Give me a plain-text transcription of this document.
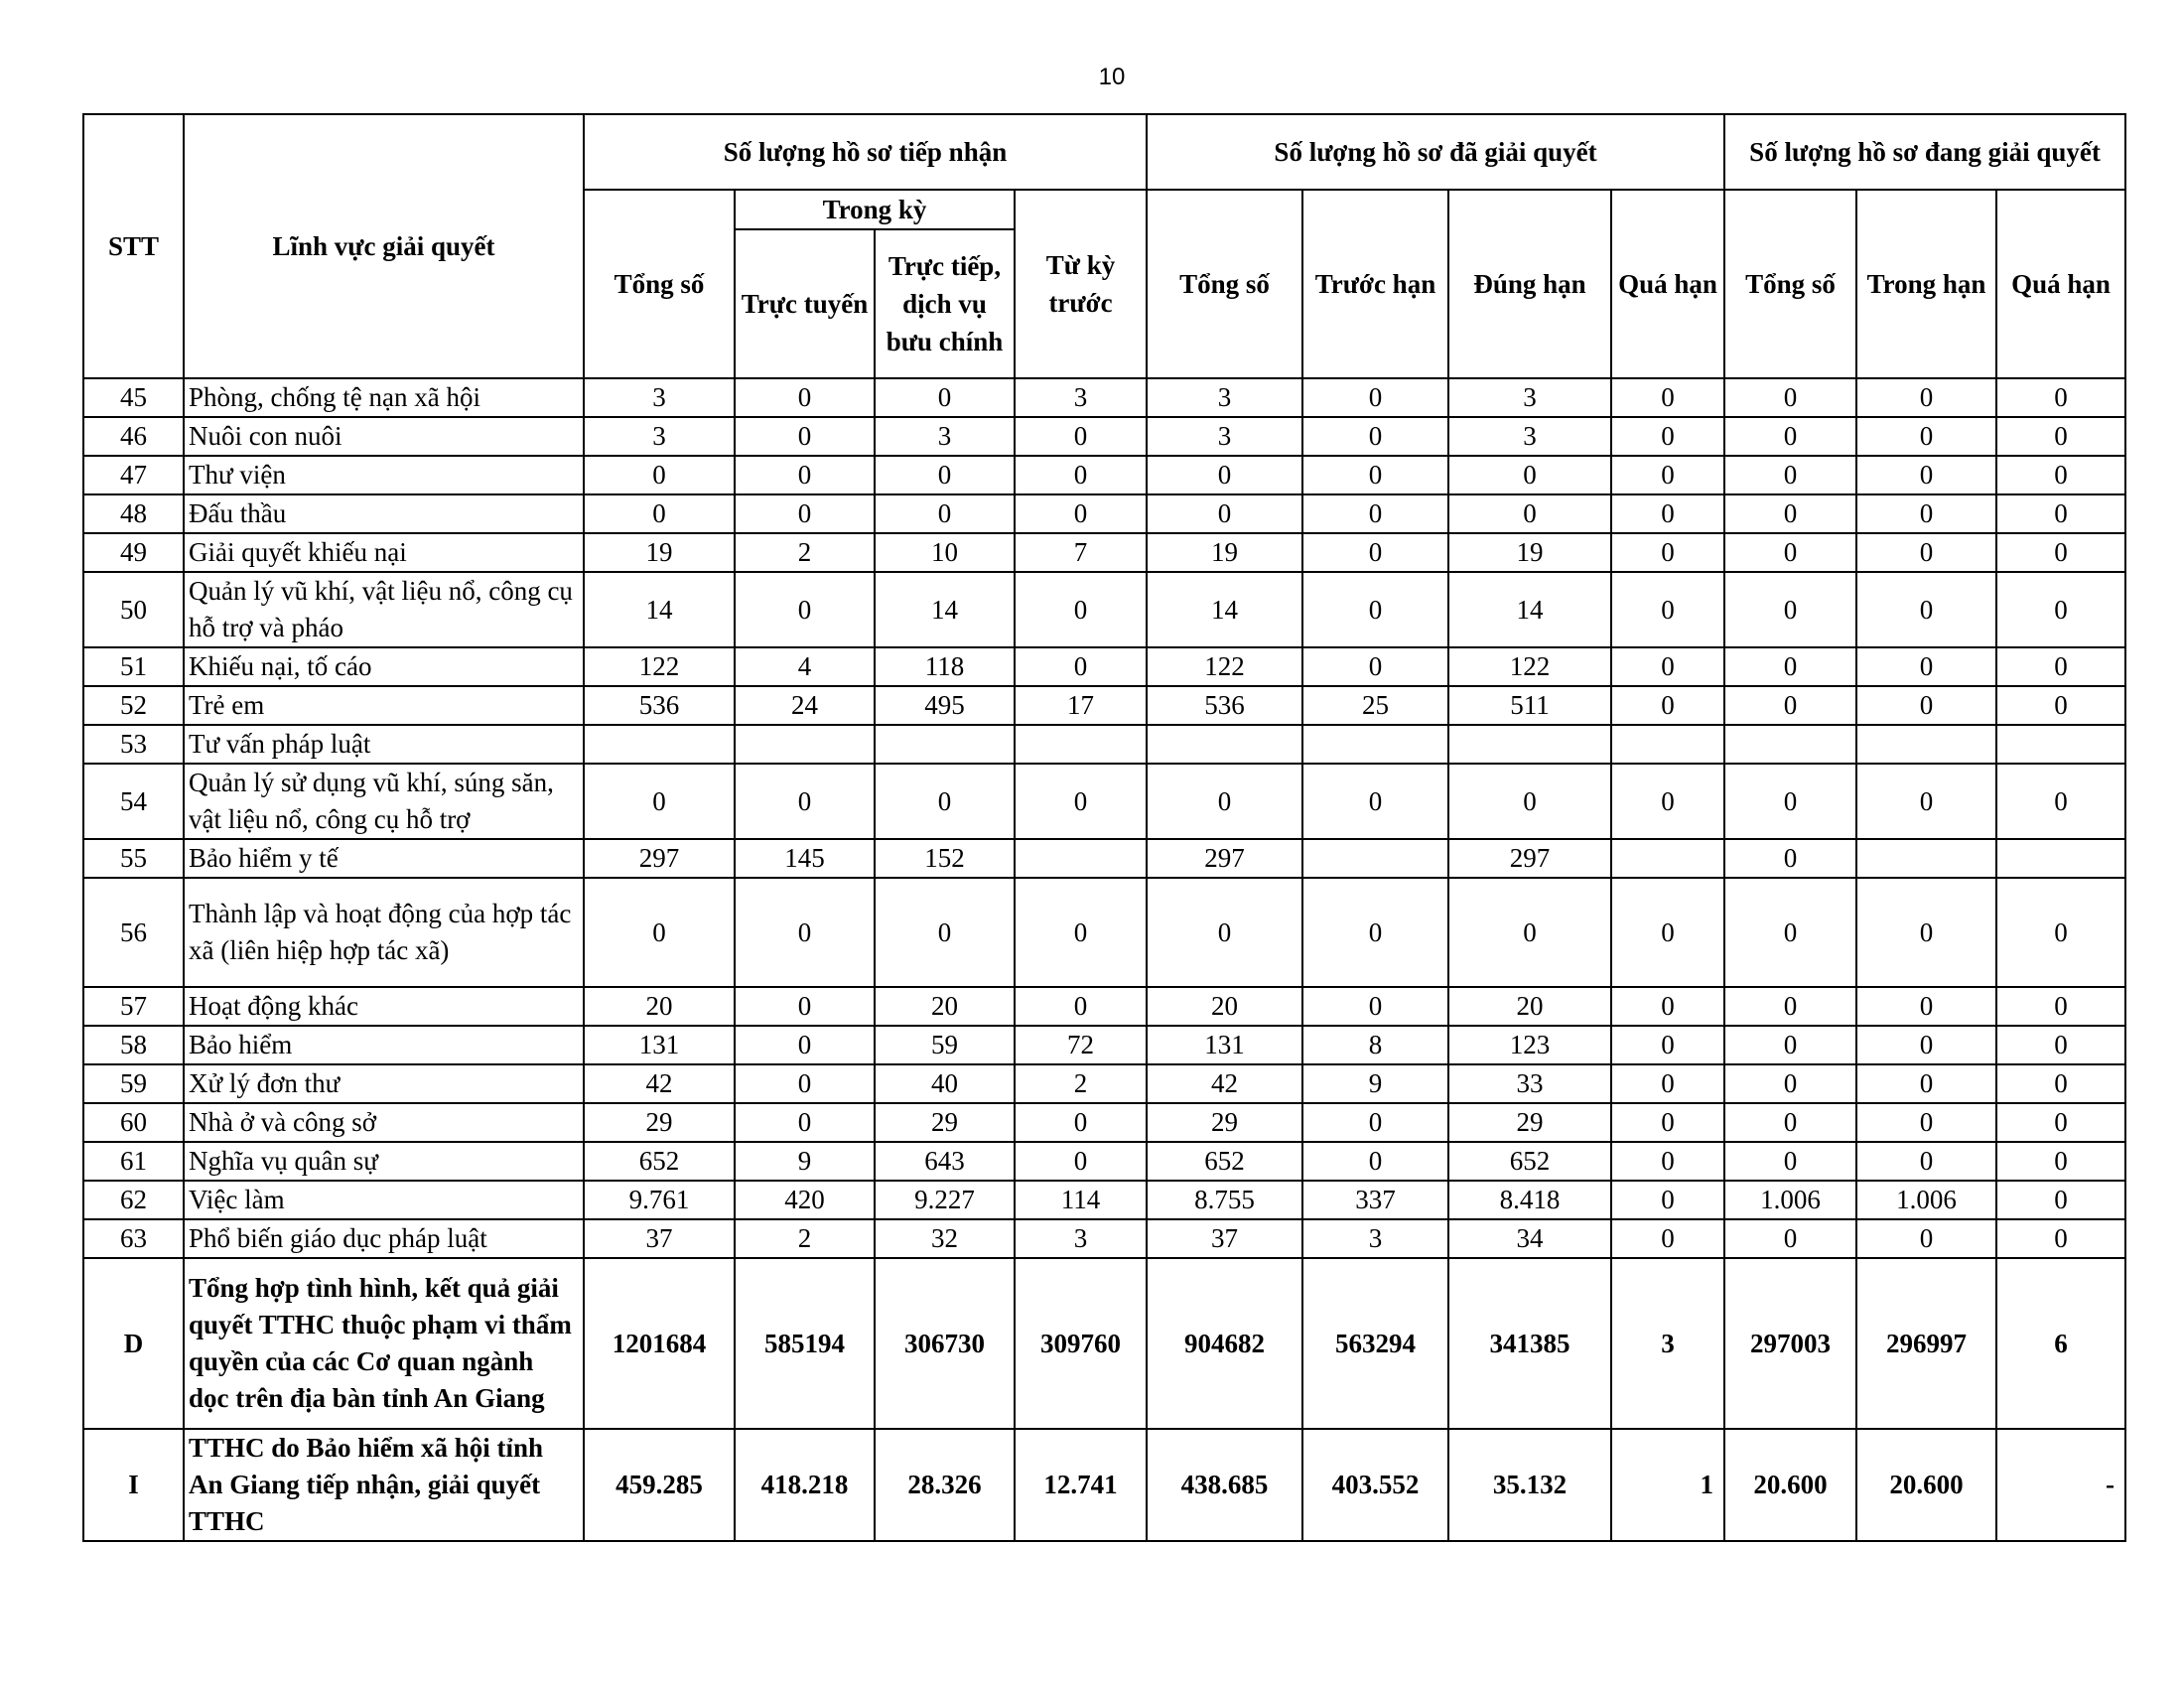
10
STT	Lĩnh vực giải quyết	Số lượng hồ sơ tiếp nhận				Số lượng hồ sơ đã giải quyết				Số lượng hồ sơ đang giải quyết		
		Tổng số	Trong kỳ		Từ kỳ trước	Tổng số	Trước hạn	Đúng hạn	Quá hạn	Tổng số	Trong hạn	Quá hạn
			Trực tuyến	Trực tiếp, dịch vụ bưu chính								
45	Phòng, chống tệ nạn xã hội	3	0	0	3	3	0	3	0	0	0	0
46	Nuôi con nuôi	3	0	3	0	3	0	3	0	0	0	0
47	Thư viện	0	0	0	0	0	0	0	0	0	0	0
48	Đấu thầu	0	0	0	0	0	0	0	0	0	0	0
49	Giải quyết khiếu nại	19	2	10	7	19	0	19	0	0	0	0
50	Quản lý vũ khí, vật liệu nổ, công cụ hỗ trợ và pháo	14	0	14	0	14	0	14	0	0	0	0
51	Khiếu nại, tố cáo	122	4	118	0	122	0	122	0	0	0	0
52	Trẻ em	536	24	495	17	536	25	511	0	0	0	0
53	Tư vấn pháp luật											
54	Quản lý sử dụng vũ khí, súng săn, vật liệu nổ, công cụ hỗ trợ	0	0	0	0	0	0	0	0	0	0	0
55	Bảo hiểm y tế	297	145	152		297		297		0		
56	Thành lập và hoạt động của hợp tác xã (liên hiệp hợp tác xã)	0	0	0	0	0	0	0	0	0	0	0
57	Hoạt động khác	20	0	20	0	20	0	20	0	0	0	0
58	Bảo hiểm	131	0	59	72	131	8	123	0	0	0	0
59	Xử lý đơn thư	42	0	40	2	42	9	33	0	0	0	0
60	Nhà ở và công sở	29	0	29	0	29	0	29	0	0	0	0
61	Nghĩa vụ quân sự	652	9	643	0	652	0	652	0	0	0	0
62	Việc làm	9.761	420	9.227	114	8.755	337	8.418	0	1.006	1.006	0
63	Phổ biến giáo dục pháp luật	37	2	32	3	37	3	34	0	0	0	0
D	Tổng hợp tình hình, kết quả giải quyết TTHC thuộc phạm vi thẩm quyền của các Cơ quan ngành dọc trên địa bàn tỉnh An Giang	1201684	585194	306730	309760	904682	563294	341385	3	297003	296997	6
I	TTHC do Bảo hiểm xã hội tỉnh An Giang tiếp nhận, giải quyết TTHC	459.285	418.218	28.326	12.741	438.685	403.552	35.132	1	20.600	20.600	-
